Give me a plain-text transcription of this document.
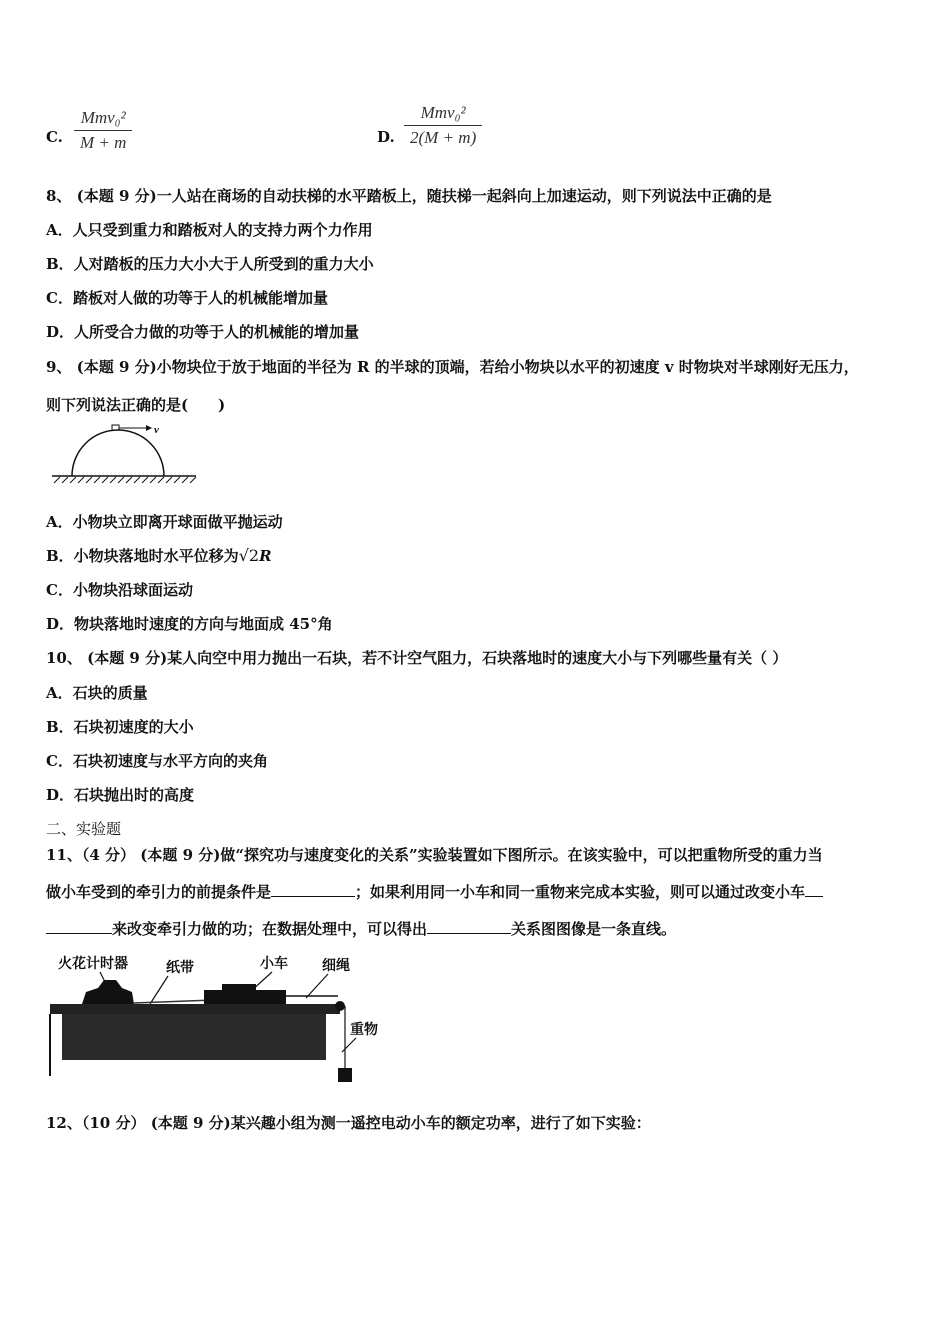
C.
Mmv₀²
M + m	D.
Mmv₀²
2(M + m)
8、 (本题 9 分)一人站在商场的自动扶梯的水平踏板上，随扶梯一起斜向上加速运动，则下列说法中正确的是
A．人只受到重力和踏板对人的支持力两个力作用
B．人对踏板的压力大小大于人所受到的重力大小
C．踏板对人做的功等于人的机械能增加量
D．人所受合力做的功等于人的机械能的增加量
9、 (本题 9 分)小物块位于放于地面的半径为 R 的半球的顶端，若给小物块以水平的初速度 v 时物块对半球刚好无压力，
则下列说法正确的是(　　)
v
A．小物块立即离开球面做平抛运动
B．小物块落地时水平位移为√2R
C．小物块沿球面运动
D．物块落地时速度的方向与地面成 45°角
10、 (本题 9 分)某人向空中用力抛出一石块，若不计空气阻力，石块落地时的速度大小与下列哪些量有关（ ）
A．石块的质量
B．石块初速度的大小
C．石块初速度与水平方向的夹角
D．石块抛出时的高度
二、实验题
11、（4 分） (本题 9 分)做“探究功与速度变化的关系”实验装置如下图所示。在该实验中，可以把重物所受的重力当
做小车受到的牵引力的前提条件是	；如果利用同一小车和同一重物来完成本实验，则可以通过改变小车
来改变牵引力做的功；在数据处理中，可以得出	关系图图像是一条直线。
火花计时器	纸带	小车 细绳
重物
12、（10 分） (本题 9 分)某兴趣小组为测一遥控电动小车的额定功率，进行了如下实验：
